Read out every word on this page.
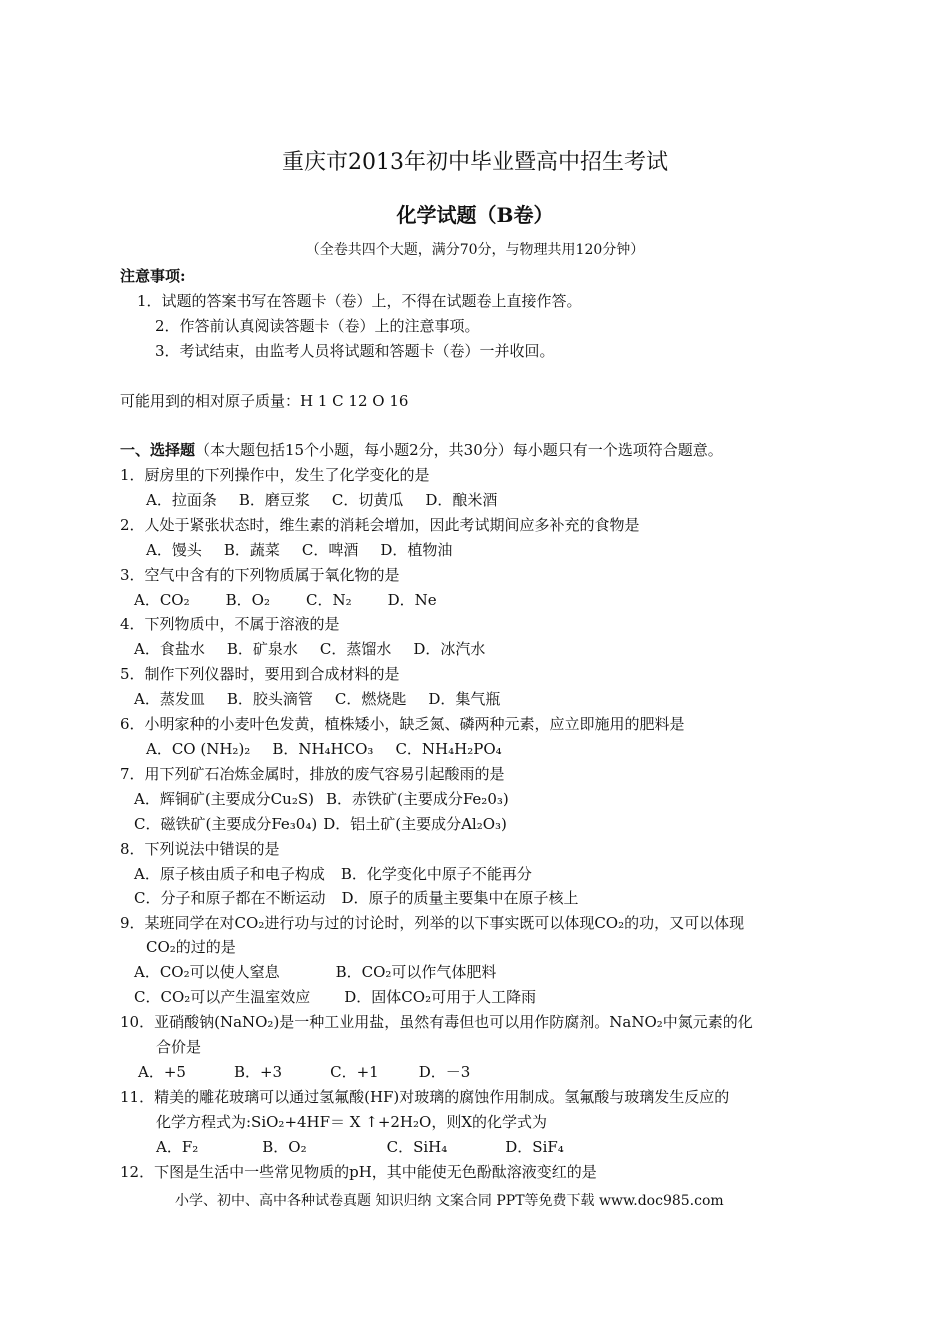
重庆市2013年初中毕业暨高中招生考试
化学试题（B卷）
（全卷共四个大题，满分70分，与物理共用120分钟）
注意事项:
1．试题的答案书写在答题卡（卷）上，不得在试题卷上直接作答。
2．作答前认真阅读答题卡（卷）上的注意事项。
3．考试结束，由监考人员将试题和答题卡（卷）一并收回。
可能用到的相对原子质量：H 1 C 12 O 16
一、选择题（本大题包括15个小题，每小题2分，共30分）每小题只有一个选项符合题意。
1．厨房里的下列操作中，发生了化学变化的是
A．拉面条 B．磨豆浆 C．切黄瓜 D．酿米酒
2．人处于紧张状态时，维生素的消耗会增加，因此考试期间应多补充的食物是
A．馒头 B．蔬菜 C．啤酒 D．植物油
3．空气中含有的下列物质属于氧化物的是
A．CO₂ B．O₂ C．N₂ D．Ne
4．下列物质中，不属于溶液的是
A．食盐水 B．矿泉水 C．蒸馏水 D．冰汽水
5．制作下列仪器时，要用到合成材料的是
A．蒸发皿 B．胶头滴管 C．燃烧匙 D．集气瓶
6．小明家种的小麦叶色发黄，植株矮小，缺乏氮、磷两种元素，应立即施用的肥料是
A．CO (NH₂)₂ B．NH₄HCO₃ C．NH₄H₂PO₄
7．用下列矿石冶炼金属时，排放的废气容易引起酸雨的是
A．辉铜矿(主要成分Cu₂S) B．赤铁矿(主要成分Fe₂0₃)
C．磁铁矿(主要成分Fe₃0₄) D．铝土矿(主要成分Al₂O₃)
8．下列说法中错误的是
A．原子核由质子和电子构成 B．化学变化中原子不能再分
C．分子和原子都在不断运动 D．原子的质量主要集中在原子核上
9．某班同学在对CO₂进行功与过的讨论时，列举的以下事实既可以体现CO₂的功，又可以体现
CO₂的过的是
A．CO₂可以使人窒息	B．CO₂可以作气体肥料
C．CO₂可以产生温室效应 D．固体CO₂可用于人工降雨
10．亚硝酸钠(NaNO₂)是一种工业用盐，虽然有毒但也可以用作防腐剂。NaNO₂中氮元素的化
合价是
A．+5	B．+3	C．+1	D．－3
11．精美的雕花玻璃可以通过氢氟酸(HF)对玻璃的腐蚀作用制成。氢氟酸与玻璃发生反应的
化学方程式为:SiO₂+4HF＝ X ↑+2H₂O，则X的化学式为
A．F₂	B．O₂	C．SiH₄	D．SiF₄
12．下图是生活中一些常见物质的pH，其中能使无色酚酞溶液变红的是
小学、初中、高中各种试卷真题 知识归纳 文案合同 PPT等免费下载 www.doc985.com
